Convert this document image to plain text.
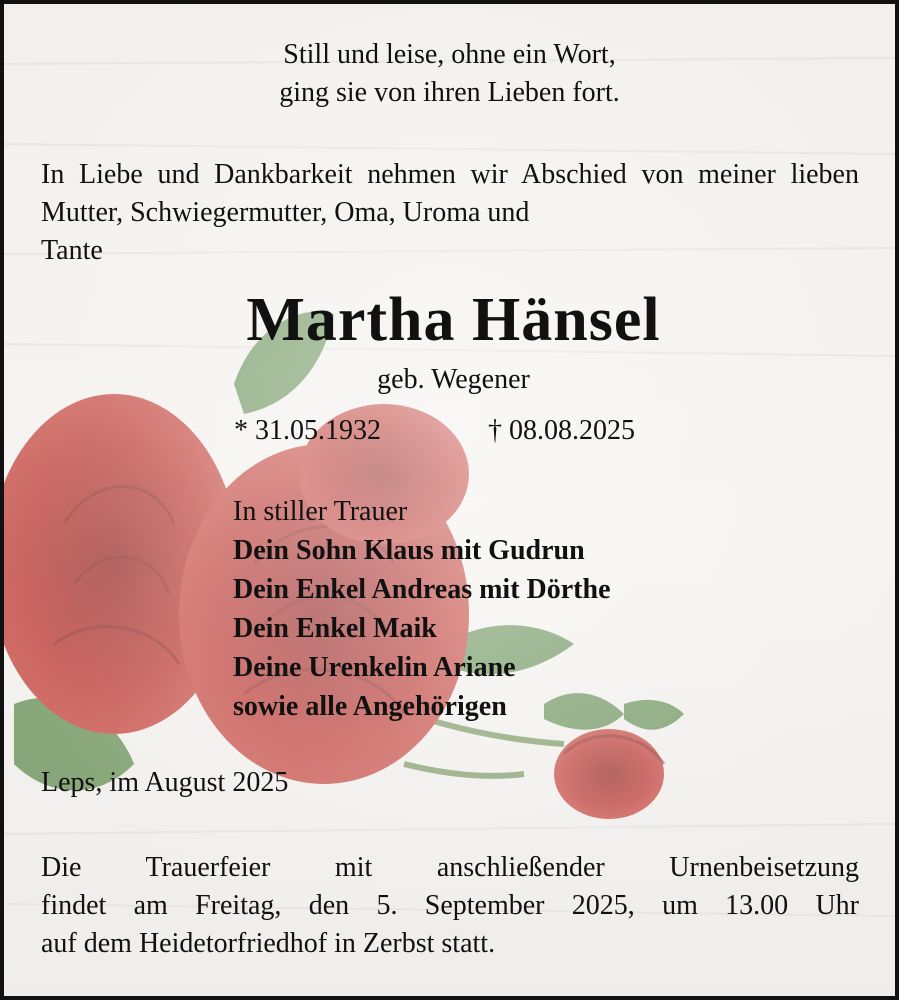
Still und leise, ohne ein Wort,
ging sie von ihren Lieben fort.
In Liebe und Dankbarkeit nehmen wir Abschied von meiner lieben Mutter, Schwiegermutter, Oma, Uroma und
Tante
Martha Hänsel
geb. Wegener
* 31.05.1932	† 08.08.2025
In stiller Trauer
Dein Sohn Klaus mit Gudrun
Dein Enkel Andreas mit Dörthe
Dein Enkel Maik
Deine Urenkelin Ariane
sowie alle Angehörigen
Leps, im August 2025
Die Trauerfeier mit anschließender Urnenbeisetzung
findet am Freitag, den 5. September 2025, um 13.00 Uhr
auf dem Heidetorfriedhof in Zerbst statt.
